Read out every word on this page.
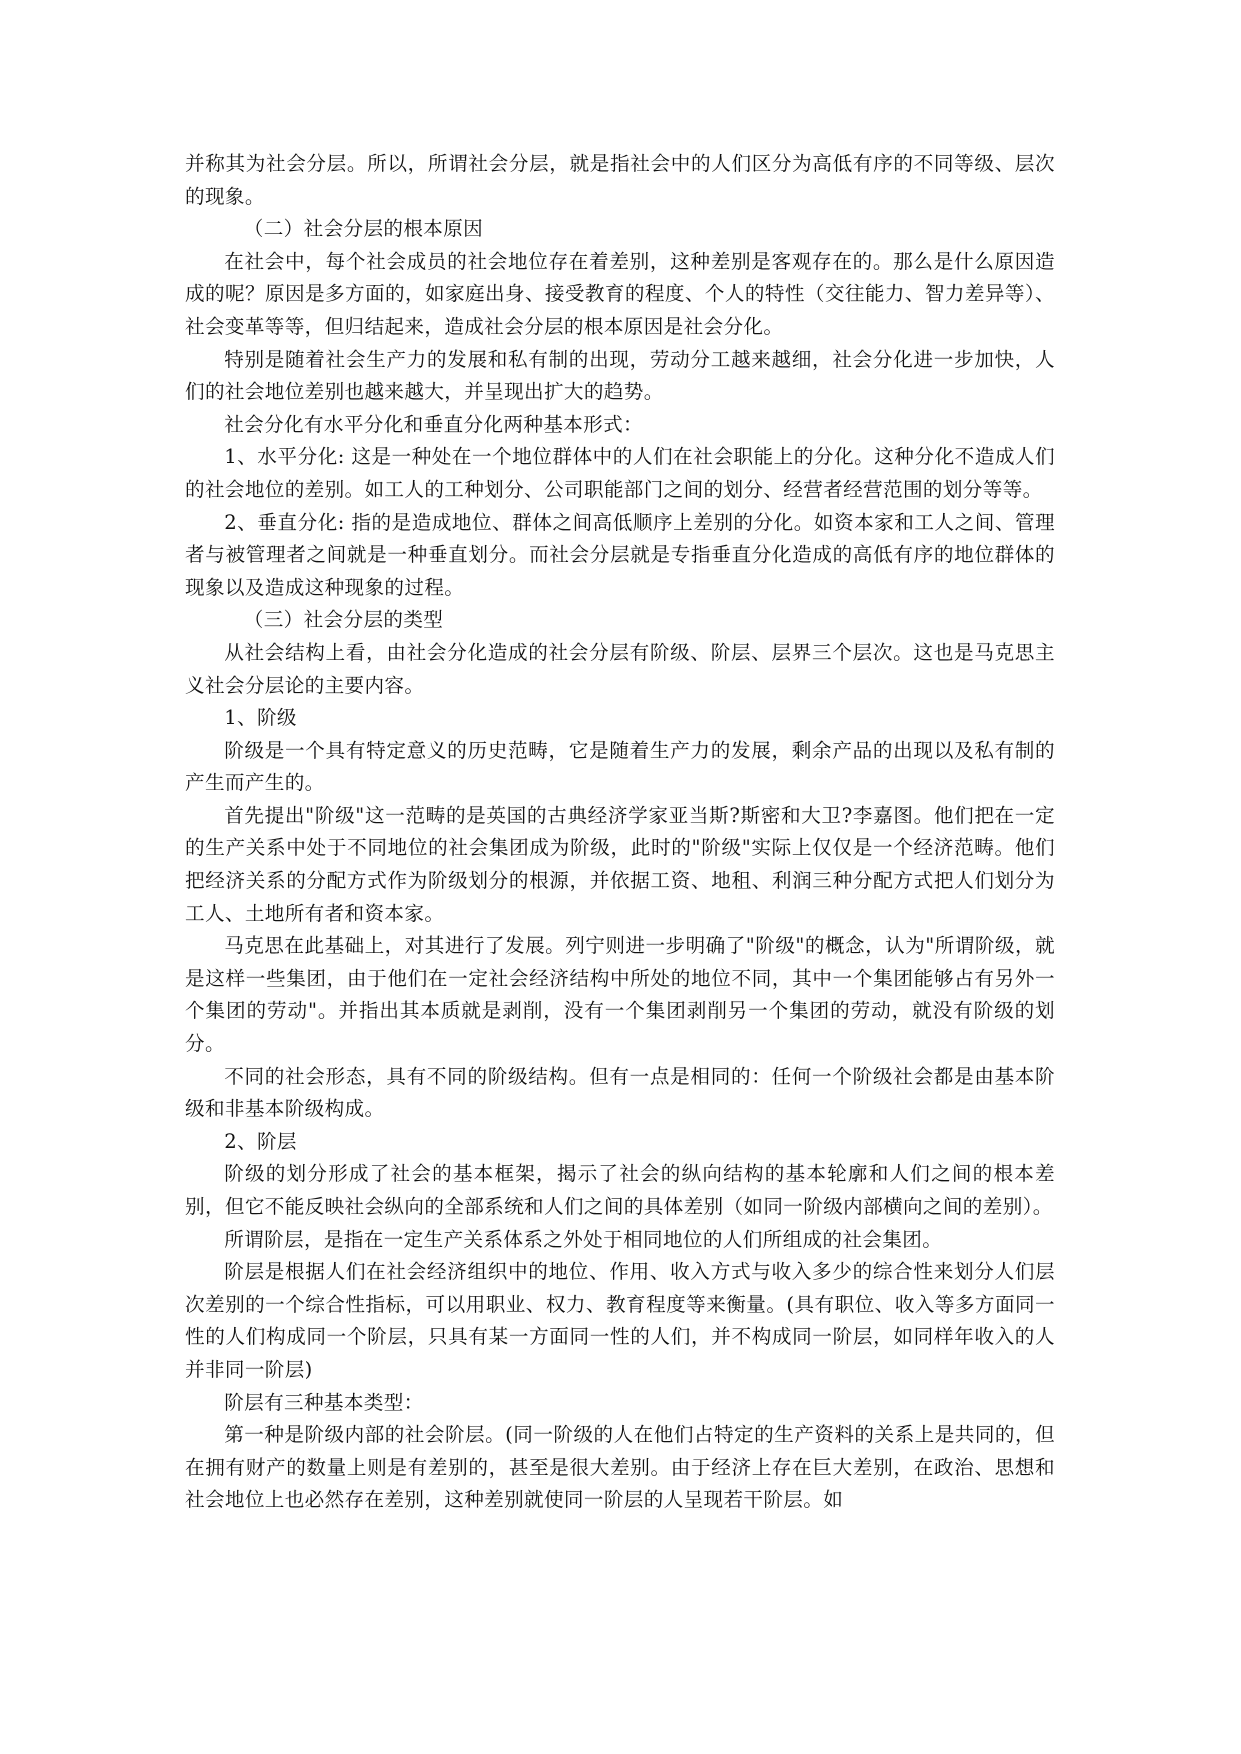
并称其为社会分层。所以，所谓社会分层，就是指社会中的人们区分为高低有序的不同等级、层次的现象。

（二）社会分层的根本原因

在社会中，每个社会成员的社会地位存在着差别，这种差别是客观存在的。那么是什么原因造成的呢？原因是多方面的，如家庭出身、接受教育的程度、个人的特性（交往能力、智力差异等）、社会变革等等，但归结起来，造成社会分层的根本原因是社会分化。

特别是随着社会生产力的发展和私有制的出现，劳动分工越来越细，社会分化进一步加快，人们的社会地位差别也越来越大，并呈现出扩大的趋势。

社会分化有水平分化和垂直分化两种基本形式：

1、水平分化: 这是一种处在一个地位群体中的人们在社会职能上的分化。这种分化不造成人们的社会地位的差别。如工人的工种划分、公司职能部门之间的划分、经营者经营范围的划分等等。

2、垂直分化: 指的是造成地位、群体之间高低顺序上差别的分化。如资本家和工人之间、管理者与被管理者之间就是一种垂直划分。而社会分层就是专指垂直分化造成的高低有序的地位群体的现象以及造成这种现象的过程。

（三）社会分层的类型

从社会结构上看，由社会分化造成的社会分层有阶级、阶层、层界三个层次。这也是马克思主义社会分层论的主要内容。

1、阶级

阶级是一个具有特定意义的历史范畴，它是随着生产力的发展，剩余产品的出现以及私有制的产生而产生的。

首先提出"阶级"这一范畴的是英国的古典经济学家亚当斯?斯密和大卫?李嘉图。他们把在一定的生产关系中处于不同地位的社会集团成为阶级，此时的"阶级"实际上仅仅是一个经济范畴。他们把经济关系的分配方式作为阶级划分的根源，并依据工资、地租、利润三种分配方式把人们划分为工人、土地所有者和资本家。

马克思在此基础上，对其进行了发展。列宁则进一步明确了"阶级"的概念，认为"所谓阶级，就是这样一些集团，由于他们在一定社会经济结构中所处的地位不同，其中一个集团能够占有另外一个集团的劳动"。并指出其本质就是剥削，没有一个集团剥削另一个集团的劳动，就没有阶级的划分。

不同的社会形态，具有不同的阶级结构。但有一点是相同的：任何一个阶级社会都是由基本阶级和非基本阶级构成。

2、阶层

阶级的划分形成了社会的基本框架，揭示了社会的纵向结构的基本轮廓和人们之间的根本差别，但它不能反映社会纵向的全部系统和人们之间的具体差别（如同一阶级内部横向之间的差别）。

所谓阶层，是指在一定生产关系体系之外处于相同地位的人们所组成的社会集团。

阶层是根据人们在社会经济组织中的地位、作用、收入方式与收入多少的综合性来划分人们层次差别的一个综合性指标，可以用职业、权力、教育程度等来衡量。(具有职位、收入等多方面同一性的人们构成同一个阶层，只具有某一方面同一性的人们，并不构成同一阶层，如同样年收入的人并非同一阶层)

阶层有三种基本类型：

第一种是阶级内部的社会阶层。(同一阶级的人在他们占特定的生产资料的关系上是共同的，但在拥有财产的数量上则是有差别的，甚至是很大差别。由于经济上存在巨大差别，在政治、思想和社会地位上也必然存在差别，这种差别就使同一阶层的人呈现若干阶层。如
